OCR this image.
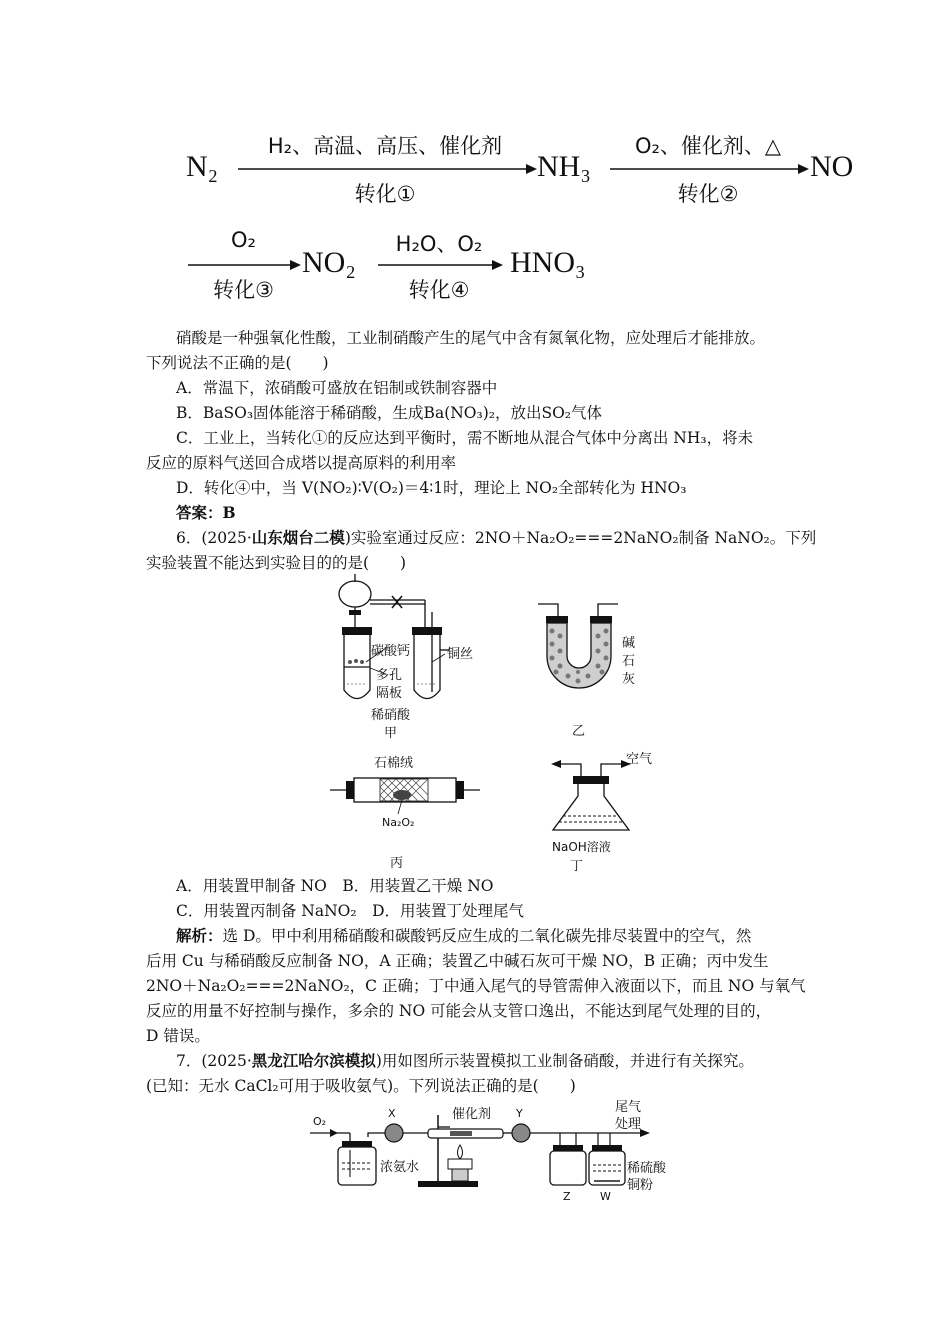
N₂
H₂、高温、高压、催化剂
转化①
NH₃
O₂、催化剂、△
转化②
NO
O₂
转化③
NO₂
H₂O、O₂
转化④
HNO₃
硝酸是一种强氧化性酸，工业制硝酸产生的尾气中含有氮氧化物，应处理后才能排放。
下列说法不正确的是(　　)
A．常温下，浓硝酸可盛放在铝制或铁制容器中
B．BaSO₃固体能溶于稀硝酸，生成Ba(NO₃)₂，放出SO₂气体
C．工业上，当转化①的反应达到平衡时，需不断地从混合气体中分离出 NH₃，将未
反应的原料气送回合成塔以提高原料的利用率
D．转化④中，当 V(NO₂)∶V(O₂)＝4∶1时，理论上 NO₂全部转化为 HNO₃
答案：B
6．(2025·山东烟台二模)实验室通过反应：2NO＋Na₂O₂===2NaNO₂制备 NaNO₂。下列
实验装置不能达到实验目的的是(　　)
碳酸钙
多孔
隔板
稀硝酸
铜丝
甲
碱
石
灰
乙
石棉绒
Na₂O₂
丙
空气
NaOH溶液
丁
A．用装置甲制备 NO　B．用装置乙干燥 NO
C．用装置丙制备 NaNO₂　D．用装置丁处理尾气
解析：选 D。甲中利用稀硝酸和碳酸钙反应生成的二氧化碳先排尽装置中的空气，然
后用 Cu 与稀硝酸反应制备 NO，A 正确；装置乙中碱石灰可干燥 NO，B 正确；丙中发生
2NO＋Na₂O₂===2NaNO₂，C 正确；丁中通入尾气的导管需伸入液面以下，而且 NO 与氧气
反应的用量不好控制与操作，多余的 NO 可能会从支管口逸出，不能达到尾气处理的目的，
D 错误。
7．(2025·黑龙江哈尔滨模拟)用如图所示装置模拟工业制备硝酸，并进行有关探究。
(已知：无水 CaCl₂可用于吸收氨气)。下列说法正确的是(　　)
O₂
X	催化剂 Y	尾气
处理
浓氨水	稀硫酸
铜粉
Z	W
